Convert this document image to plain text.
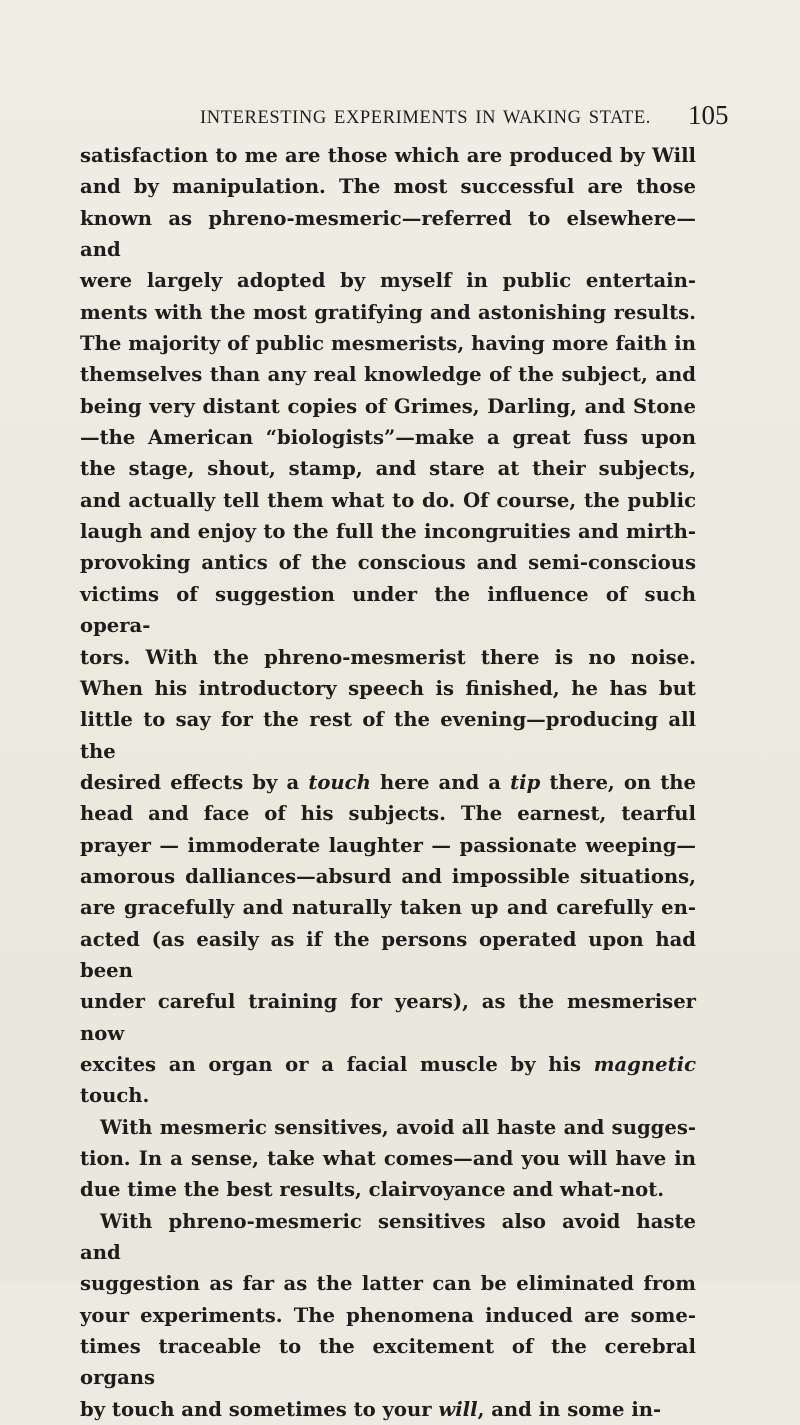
INTERESTING EXPERIMENTS IN WAKING STATE. 105

satisfaction to me are those which are produced by Will

and by manipulation. The most successful are those

known as phreno-mesmeric—referred to elsewhere—and

were largely adopted by myself in public entertain-

ments with the most gratifying and astonishing results.

The majority of public mesmerists, having more faith in

themselves than any real knowledge of the subject, and

being very distant copies of Grimes, Darling, and Stone

—the American “biologists”—make a great fuss upon

the stage, shout, stamp, and stare at their subjects,

and actually tell them what to do. Of course, the public

laugh and enjoy to the full the incongruities and mirth-

provoking antics of the conscious and semi-conscious

victims of suggestion under the influence of such opera-

tors. With the phreno-mesmerist there is no noise.

When his introductory speech is finished, he has but

little to say for the rest of the evening—producing all the

desired effects by a touch here and a tip there, on the

head and face of his subjects. The earnest, tearful

prayer — immoderate laughter — passionate weeping—

amorous dalliances—absurd and impossible situations,

are gracefully and naturally taken up and carefully en-

acted (as easily as if the persons operated upon had been

under careful training for years), as the mesmeriser now

excites an organ or a facial muscle by his magnetic

touch.

With mesmeric sensitives, avoid all haste and sugges-

tion. In a sense, take what comes—and you will have in

due time the best results, clairvoyance and what-not.

With phreno-mesmeric sensitives also avoid haste and

suggestion as far as the latter can be eliminated from

your experiments. The phenomena induced are some-

times traceable to the excitement of the cerebral organs

by touch and sometimes to your will, and in some in-
